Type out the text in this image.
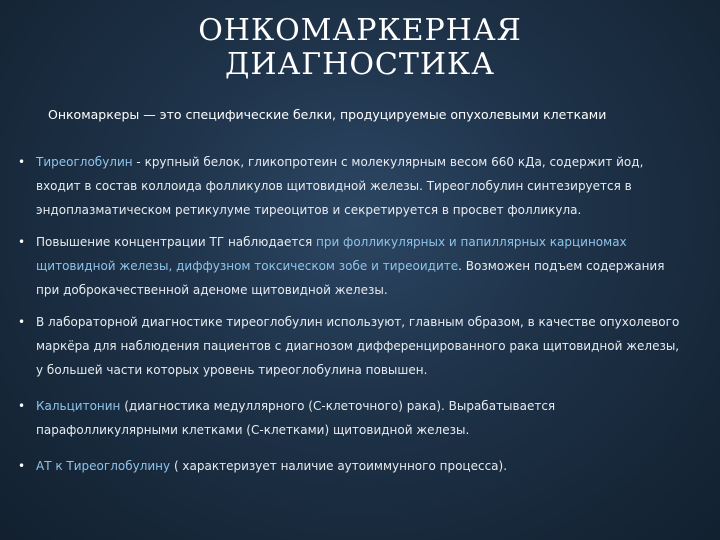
ОНКОМАРКЕРНАЯ
ДИАГНОСТИКА
Онкомаркеры — это специфические белки, продуцируемые опухолевыми клетками
• Тиреоглобулин - крупный белок, гликопротеин с молекулярным весом 660 кДа, содержит йод, входит в состав коллоида фолликулов щитовидной железы. Тиреоглобулин синтезируется в эндоплазматическом ретикулуме тиреоцитов и секретируется в просвет фолликула.
• Повышение концентрации ТГ наблюдается при фолликулярных и папиллярных карциномах щитовидной железы, диффузном токсическом зобе и тиреоидите. Возможен подъем содержания при доброкачественной аденоме щитовидной железы.
• В лабораторной диагностике тиреоглобулин используют, главным образом, в качестве опухолевого маркёра для наблюдения пациентов с диагнозом дифференцированного рака щитовидной железы, у большей части которых уровень тиреоглобулина повышен.
• Кальцитонин (диагностика медуллярного (С-клеточного) рака). Вырабатывается парафолликулярными клетками (С-клетками) щитовидной железы.
• АТ к Тиреоглобулину ( характеризует наличие аутоиммунного процесса).
